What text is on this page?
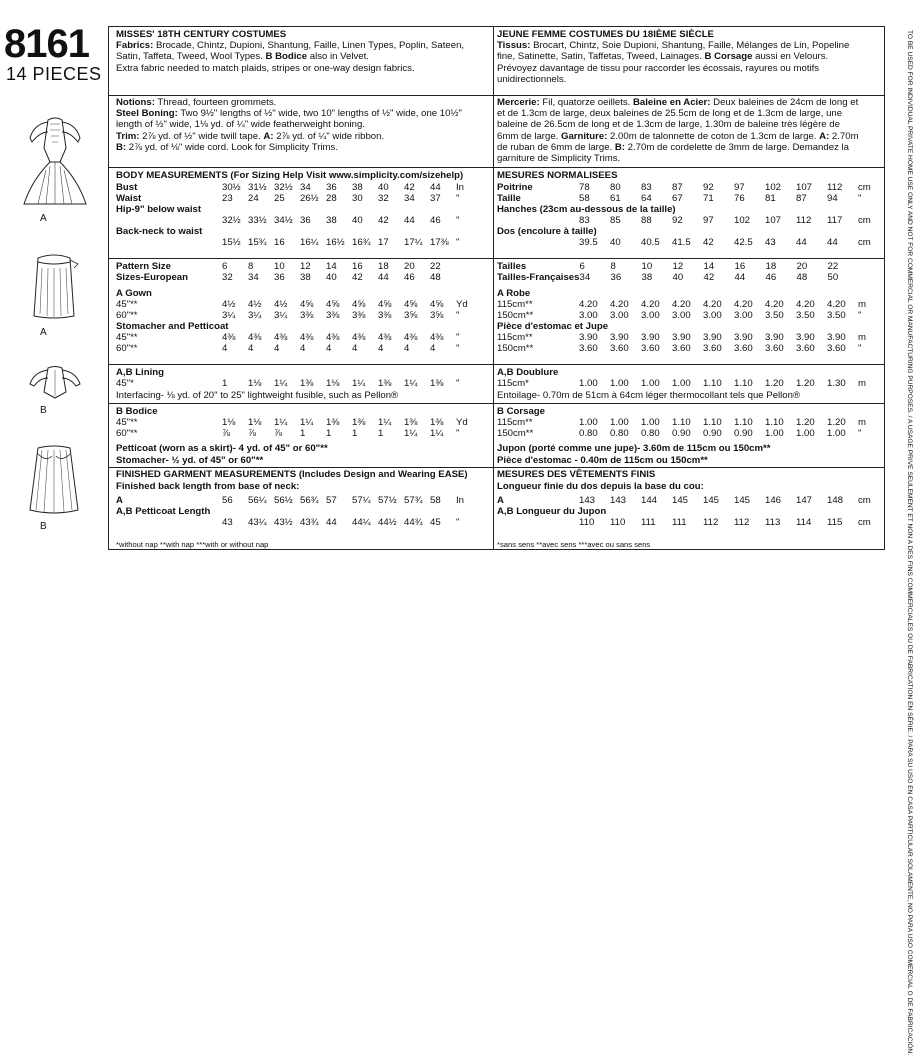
8161
14 PIECES
A
A
B
B
MISSES' 18TH CENTURY COSTUMES
Fabrics: Brocade, Chintz, Dupioni, Shantung, Faille, Linen Types, Poplin, Sateen,
Satin, Taffeta, Tweed, Wool Types. B Bodice also in Velvet.
Extra fabric needed to match plaids, stripes or one-way design fabrics.
Notions: Thread, fourteen grommets.
Steel Boning: Two 9½" lengths of ½" wide, two 10" lengths of ½" wide, one 10½"
length of ½" wide, 1⅛ yd. of ¼" wide featherweight boning.
Trim: 2⅞ yd. of ½" wide twill tape. A: 2⅞ yd. of ¼" wide ribbon.
B: 2⅞ yd. of ⅛" wide cord. Look for Simplicity Trims.
BODY MEASUREMENTS (For Sizing Help Visit www.simplicity.com/sizehelp)
Bust	30½	31½	32½	34	36	38	40	42	44	In
Waist	23	24	25	26½	28	30	32	34	37	"
Hip-9" below waist										
	32½	33½	34½	36	38	40	42	44	46	"
Back-neck to waist										
	15½	15¾	16	16¼	16½	16¾	17	17¼	17⅜	"
Pattern Size	6	8	10	12	14	16	18	20	22
Sizes-European	32	34	36	38	40	42	44	46	48
A Gown										
45"**	4½	4½	4½	4⅝	4⅝	4⅝	4⅝	4⅝	4⅝	Yd
60"**	3¼	3¼	3¼	3⅜	3⅜	3⅜	3⅜	3⅝	3⅝	"
Stomacher and Petticoat										
45"**	4⅜	4⅜	4⅜	4⅜	4⅜	4⅜	4⅜	4⅜	4⅜	"
60"**	4	4	4	4	4	4	4	4	4	"
A,B Lining
45"*	1	1⅛	1¼	1⅜	1⅛	1¼	1⅜	1¼	1⅜	"
Interfacing- ⅛ yd. of 20" to 25" lightweight fusible, such as Pellon®
B Bodice										
45"**	1⅛	1⅛	1¼	1¼	1⅜	1⅜	1¼	1⅜	1⅜	Yd
60"**	⅞	⅞	⅞	1	1	1	1	1¼	1¼	"
Petticoat (worn as a skirt)- 4 yd. of 45" or 60"**
Stomacher- ½ yd. of 45" or 60"**
FINISHED GARMENT MEASUREMENTS (Includes Design and Wearing EASE)
Finished back length from base of neck:
A	56	56¼	56½	56¾	57	57¼	57½	57¾	58	In
A,B Petticoat Length										
	43	43¼	43½	43¾	44	44¼	44½	44¾	45	"
*without nap **with nap ***with or without nap
JEUNE FEMME COSTUMES DU 18IÈME SIÈCLE
Tissus: Brocart, Chintz, Soie Dupioni, Shantung, Faille, Mélanges de Lin, Popeline
fine, Satinette, Satin, Taffetas, Tweed, Lainages. B Corsage aussi en Velours.
Prévoyez davantage de tissu pour raccorder les écossais, rayures ou motifs
unidirectionnels.
Mercerie: Fil, quatorze oeillets. Baleine en Acier: Deux baleines de 24cm de long et
et de 1.3cm de large, deux baleines de 25.5cm de long et de 1.3cm de large, une
baleine de 26.5cm de long et de 1.3cm de large, 1.30m de baleine très légère de
6mm de large. Garniture: 2.00m de talonnette de coton de 1.3cm de large. A: 2.70m
de ruban de 6mm de large. B: 2.70m de cordelette de 3mm de large. Demandez la
garniture de Simplicity Trims.
MESURES NORMALISEES
Poitrine	78	80	83	87	92	97	102	107	112	cm
Taille	58	61	64	67	71	76	81	87	94	"
Hanches (23cm au-dessous de la taille)										
	83	85	88	92	97	102	107	112	117	cm
Dos (encolure à taille)										
	39.5	40	40.5	41.5	42	42.5	43	44	44	cm
Tailles	6	8	10	12	14	16	18	20	22
Tailles-Françaises	34	36	38	40	42	44	46	48	50
A Robe										
115cm**	4.20	4.20	4.20	4.20	4.20	4.20	4.20	4.20	4.20	m
150cm**	3.00	3.00	3.00	3.00	3.00	3.00	3.50	3.50	3.50	"
Pièce d'estomac et Jupe										
115cm**	3.90	3.90	3.90	3.90	3.90	3.90	3.90	3.90	3.90	m
150cm**	3.60	3.60	3.60	3.60	3.60	3.60	3.60	3.60	3.60	"
A,B Doublure
115cm*	1.00	1.00	1.00	1.00	1.10	1.10	1.20	1.20	1.30	m
Entoilage- 0.70m de 51cm à 64cm léger thermocollant tels que Pellon®
B Corsage										
115cm**	1.00	1.00	1.00	1.10	1.10	1.10	1.10	1.20	1.20	m
150cm**	0.80	0.80	0.80	0.90	0.90	0.90	1.00	1.00	1.00	"
Jupon (porté comme une jupe)- 3.60m de 115cm ou 150cm**
Pièce d'estomac - 0.40m de 115cm ou 150cm**
MESURES DES VÊTEMENTS FINIS
Longueur finie du dos depuis la base du cou:
A	143	143	144	145	145	145	146	147	148	cm
A,B Longueur du Jupon										
	110	110	111	111	112	112	113	114	115	cm
*sans sens **avec sens ***avec ou sans sens	TO BE USED FOR INDIVIDUAL PRIVATE HOME USE ONLY AND NOT FOR COMMERCIAL OR MANUFACTURING PURPOSES. / A USAGE PRIVE SEULEMENT ET NON A DES FINS COMMERCIALES OU DE FABRICATION EN SÉRIE. / PARA SU USO EN CASA PARTICULAR SOLAMENTE, NO PARA USO COMERCIAL O DE FABRICACIÓN.
